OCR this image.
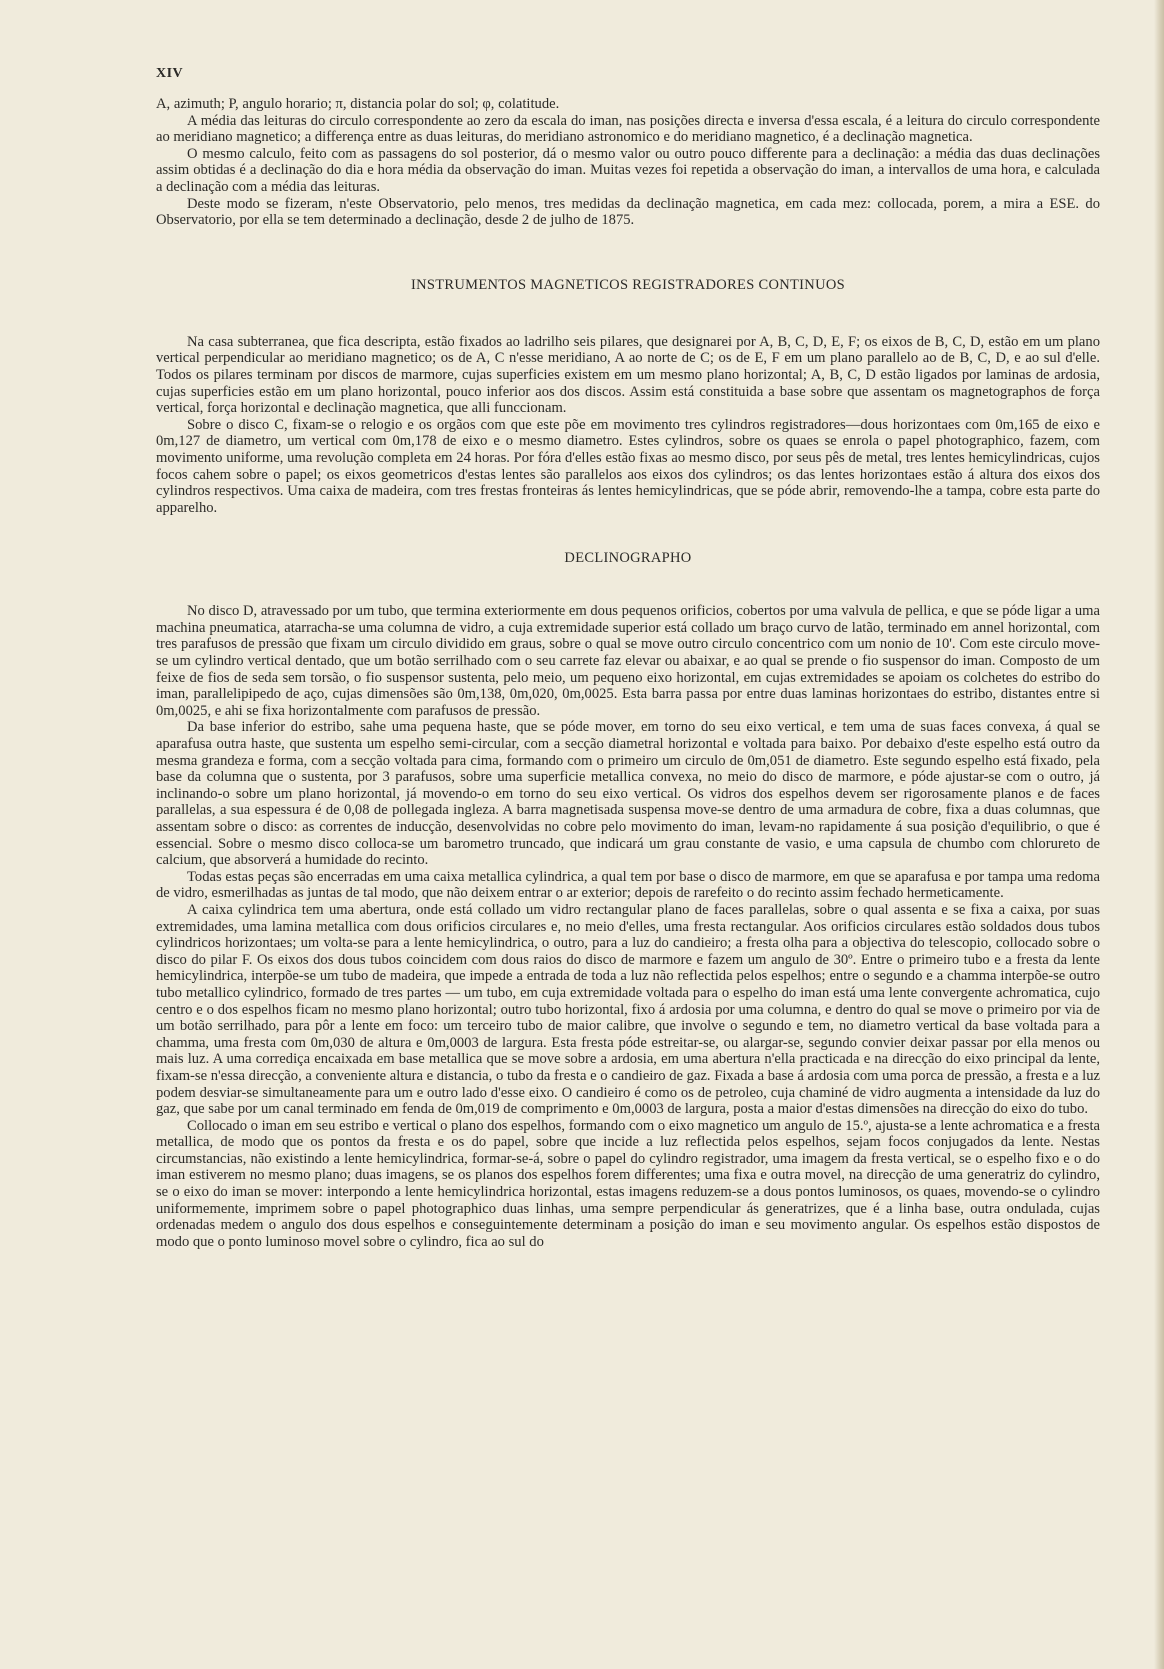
XIV

A, azimuth; P, angulo horario; π, distancia polar do sol; φ, colatitude.

A média das leituras do circulo correspondente ao zero da escala do iman, nas posições directa e inversa d'essa escala, é a leitura do circulo correspondente ao meridiano magnetico; a differença entre as duas leituras, do meridiano astronomico e do meridiano magnetico, é a declinação magnetica.

O mesmo calculo, feito com as passagens do sol posterior, dá o mesmo valor ou outro pouco differente para a declinação: a média das duas declinações assim obtidas é a declinação do dia e hora média da observação do iman. Muitas vezes foi repetida a observação do iman, a intervallos de uma hora, e calculada a declinação com a média das leituras.

Deste modo se fizeram, n'este Observatorio, pelo menos, tres medidas da declinação magnetica, em cada mez: collocada, porem, a mira a ESE. do Observatorio, por ella se tem determinado a declinação, desde 2 de julho de 1875.

INSTRUMENTOS MAGNETICOS REGISTRADORES CONTINUOS

Na casa subterranea, que fica descripta, estão fixados ao ladrilho seis pilares, que designarei por A, B, C, D, E, F; os eixos de B, C, D, estão em um plano vertical perpendicular ao meridiano magnetico; os de A, C n'esse meridiano, A ao norte de C; os de E, F em um plano parallelo ao de B, C, D, e ao sul d'elle. Todos os pilares terminam por discos de marmore, cujas superficies existem em um mesmo plano horizontal; A, B, C, D estão ligados por laminas de ardosia, cujas superficies estão em um plano horizontal, pouco inferior aos dos discos. Assim está constituida a base sobre que assentam os magnetographos de força vertical, força horizontal e declinação magnetica, que alli funccionam.

Sobre o disco C, fixam-se o relogio e os orgãos com que este põe em movimento tres cylindros registradores—dous horizontaes com 0m,165 de eixo e 0m,127 de diametro, um vertical com 0m,178 de eixo e o mesmo diametro. Estes cylindros, sobre os quaes se enrola o papel photographico, fazem, com movimento uniforme, uma revolução completa em 24 horas. Por fóra d'elles estão fixas ao mesmo disco, por seus pês de metal, tres lentes hemicylindricas, cujos focos cahem sobre o papel; os eixos geometricos d'estas lentes são parallelos aos eixos dos cylindros; os das lentes horizontaes estão á altura dos eixos dos cylindros respectivos. Uma caixa de madeira, com tres frestas fronteiras ás lentes hemicylindricas, que se póde abrir, removendo-lhe a tampa, cobre esta parte do apparelho.

DECLINOGRAPHO

No disco D, atravessado por um tubo, que termina exteriormente em dous pequenos orificios, cobertos por uma valvula de pellica, e que se póde ligar a uma machina pneumatica, atarracha-se uma columna de vidro, a cuja extremidade superior está collado um braço curvo de latão, terminado em annel horizontal, com tres parafusos de pressão que fixam um circulo dividido em graus, sobre o qual se move outro circulo concentrico com um nonio de 10'. Com este circulo move-se um cylindro vertical dentado, que um botão serrilhado com o seu carrete faz elevar ou abaixar, e ao qual se prende o fio suspensor do iman. Composto de um feixe de fios de seda sem torsão, o fio suspensor sustenta, pelo meio, um pequeno eixo horizontal, em cujas extremidades se apoiam os colchetes do estribo do iman, parallelipipedo de aço, cujas dimensões são 0m,138, 0m,020, 0m,0025. Esta barra passa por entre duas laminas horizontaes do estribo, distantes entre si 0m,0025, e ahi se fixa horizontalmente com parafusos de pressão.

Da base inferior do estribo, sahe uma pequena haste, que se póde mover, em torno do seu eixo vertical, e tem uma de suas faces convexa, á qual se aparafusa outra haste, que sustenta um espelho semi-circular, com a secção diametral horizontal e voltada para baixo. Por debaixo d'este espelho está outro da mesma grandeza e forma, com a secção voltada para cima, formando com o primeiro um circulo de 0m,051 de diametro. Este segundo espelho está fixado, pela base da columna que o sustenta, por 3 parafusos, sobre uma superficie metallica convexa, no meio do disco de marmore, e póde ajustar-se com o outro, já inclinando-o sobre um plano horizontal, já movendo-o em torno do seu eixo vertical. Os vidros dos espelhos devem ser rigorosamente planos e de faces parallelas, a sua espessura é de 0,08 de pollegada ingleza. A barra magnetisada suspensa move-se dentro de uma armadura de cobre, fixa a duas columnas, que assentam sobre o disco: as correntes de inducção, desenvolvidas no cobre pelo movimento do iman, levam-no rapidamente á sua posição d'equilibrio, o que é essencial. Sobre o mesmo disco colloca-se um barometro truncado, que indicará um grau constante de vasio, e uma capsula de chumbo com chlorureto de calcium, que absorverá a humidade do recinto.

Todas estas peças são encerradas em uma caixa metallica cylindrica, a qual tem por base o disco de marmore, em que se aparafusa e por tampa uma redoma de vidro, esmerilhadas as juntas de tal modo, que não deixem entrar o ar exterior; depois de rarefeito o do recinto assim fechado hermeticamente.

A caixa cylindrica tem uma abertura, onde está collado um vidro rectangular plano de faces parallelas, sobre o qual assenta e se fixa a caixa, por suas extremidades, uma lamina metallica com dous orificios circulares e, no meio d'elles, uma fresta rectangular. Aos orificios circulares estão soldados dous tubos cylindricos horizontaes; um volta-se para a lente hemicylindrica, o outro, para a luz do candieiro; a fresta olha para a objectiva do telescopio, collocado sobre o disco do pilar F. Os eixos dos dous tubos coincidem com dous raios do disco de marmore e fazem um angulo de 30º. Entre o primeiro tubo e a fresta da lente hemicylindrica, interpõe-se um tubo de madeira, que impede a entrada de toda a luz não reflectida pelos espelhos; entre o segundo e a chamma interpõe-se outro tubo metallico cylindrico, formado de tres partes — um tubo, em cuja extremidade voltada para o espelho do iman está uma lente convergente achromatica, cujo centro e o dos espelhos ficam no mesmo plano horizontal; outro tubo horizontal, fixo á ardosia por uma columna, e dentro do qual se move o primeiro por via de um botão serrilhado, para pôr a lente em foco: um terceiro tubo de maior calibre, que involve o segundo e tem, no diametro vertical da base voltada para a chamma, uma fresta com 0m,030 de altura e 0m,0003 de largura. Esta fresta póde estreitar-se, ou alargar-se, segundo convier deixar passar por ella menos ou mais luz. A uma corrediça encaixada em base metallica que se move sobre a ardosia, em uma abertura n'ella practicada e na direcção do eixo principal da lente, fixam-se n'essa direcção, a conveniente altura e distancia, o tubo da fresta e o candieiro de gaz. Fixada a base á ardosia com uma porca de pressão, a fresta e a luz podem desviar-se simultaneamente para um e outro lado d'esse eixo. O candieiro é como os de petroleo, cuja chaminé de vidro augmenta a intensidade da luz do gaz, que sabe por um canal terminado em fenda de 0m,019 de comprimento e 0m,0003 de largura, posta a maior d'estas dimensões na direcção do eixo do tubo.

Collocado o iman em seu estribo e vertical o plano dos espelhos, formando com o eixo magnetico um angulo de 15.º, ajusta-se a lente achromatica e a fresta metallica, de modo que os pontos da fresta e os do papel, sobre que incide a luz reflectida pelos espelhos, sejam focos conjugados da lente. Nestas circumstancias, não existindo a lente hemicylindrica, formar-se-á, sobre o papel do cylindro registrador, uma imagem da fresta vertical, se o espelho fixo e o do iman estiverem no mesmo plano; duas imagens, se os planos dos espelhos forem differentes; uma fixa e outra movel, na direcção de uma generatriz do cylindro, se o eixo do iman se mover: interpondo a lente hemicylindrica horizontal, estas imagens reduzem-se a dous pontos luminosos, os quaes, movendo-se o cylindro uniformemente, imprimem sobre o papel photographico duas linhas, uma sempre perpendicular ás generatrizes, que é a linha base, outra ondulada, cujas ordenadas medem o angulo dos dous espelhos e conseguintemente determinam a posição do iman e seu movimento angular. Os espelhos estão dispostos de modo que o ponto luminoso movel sobre o cylindro, fica ao sul do
